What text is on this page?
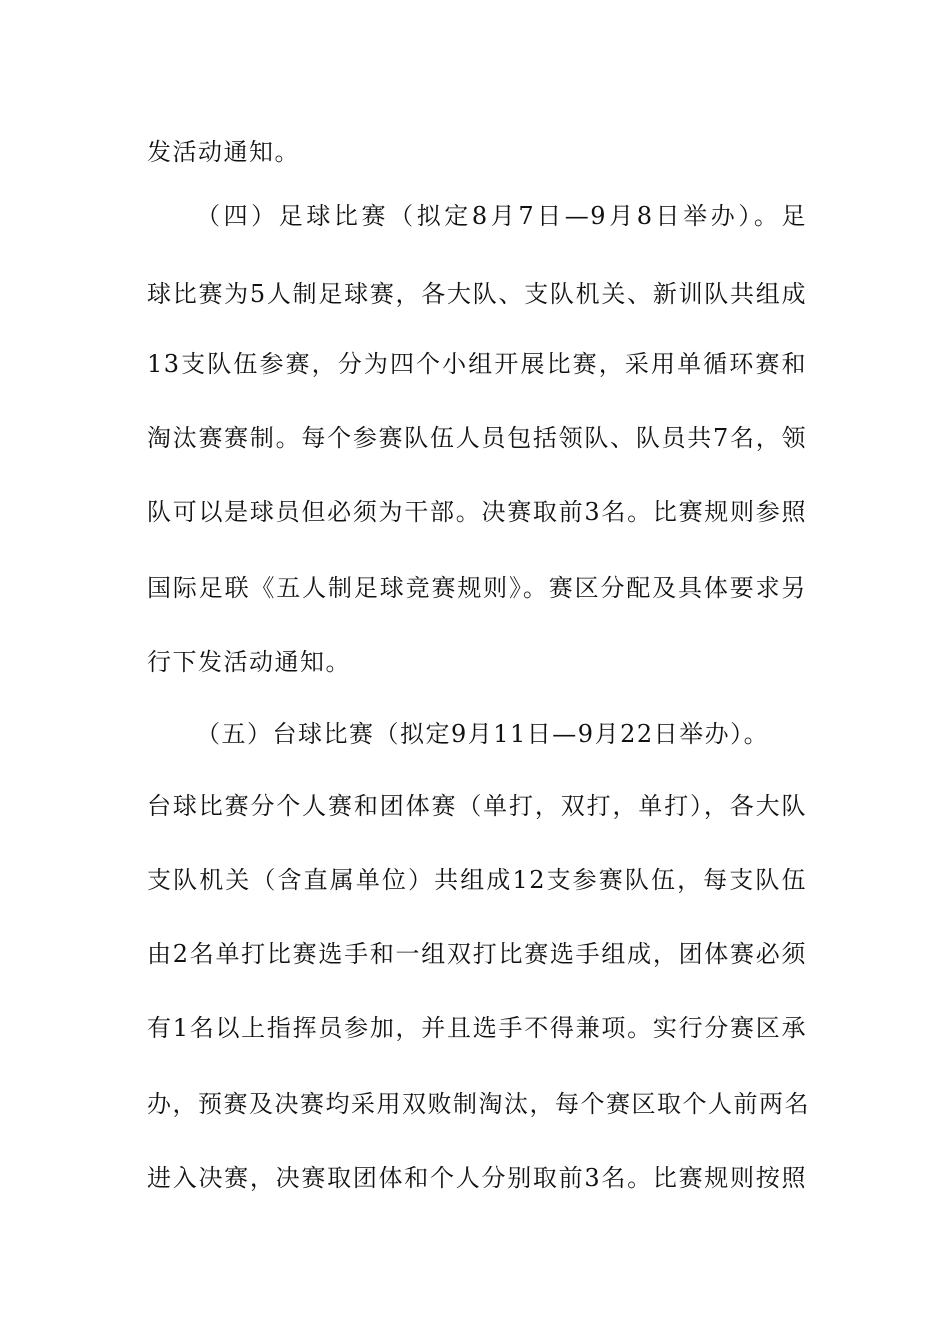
发活动通知。
（四）足球比赛（拟定8月7日—9月8日举办）。足
球比赛为5人制足球赛，各大队、支队机关、新训队共组成
13支队伍参赛，分为四个小组开展比赛，采用单循环赛和
淘汰赛赛制。每个参赛队伍人员包括领队、队员共7名，领
队可以是球员但必须为干部。决赛取前3名。比赛规则参照
国际足联《五人制足球竞赛规则》。赛区分配及具体要求另
行下发活动通知。
（五）台球比赛（拟定9月11日—9月22日举办）。
台球比赛分个人赛和团体赛（单打，双打，单打），各大队
支队机关（含直属单位）共组成12支参赛队伍，每支队伍
由2名单打比赛选手和一组双打比赛选手组成，团体赛必须
有1名以上指挥员参加，并且选手不得兼项。实行分赛区承
办，预赛及决赛均采用双败制淘汰，每个赛区取个人前两名
进入决赛，决赛取团体和个人分别取前3名。比赛规则按照
